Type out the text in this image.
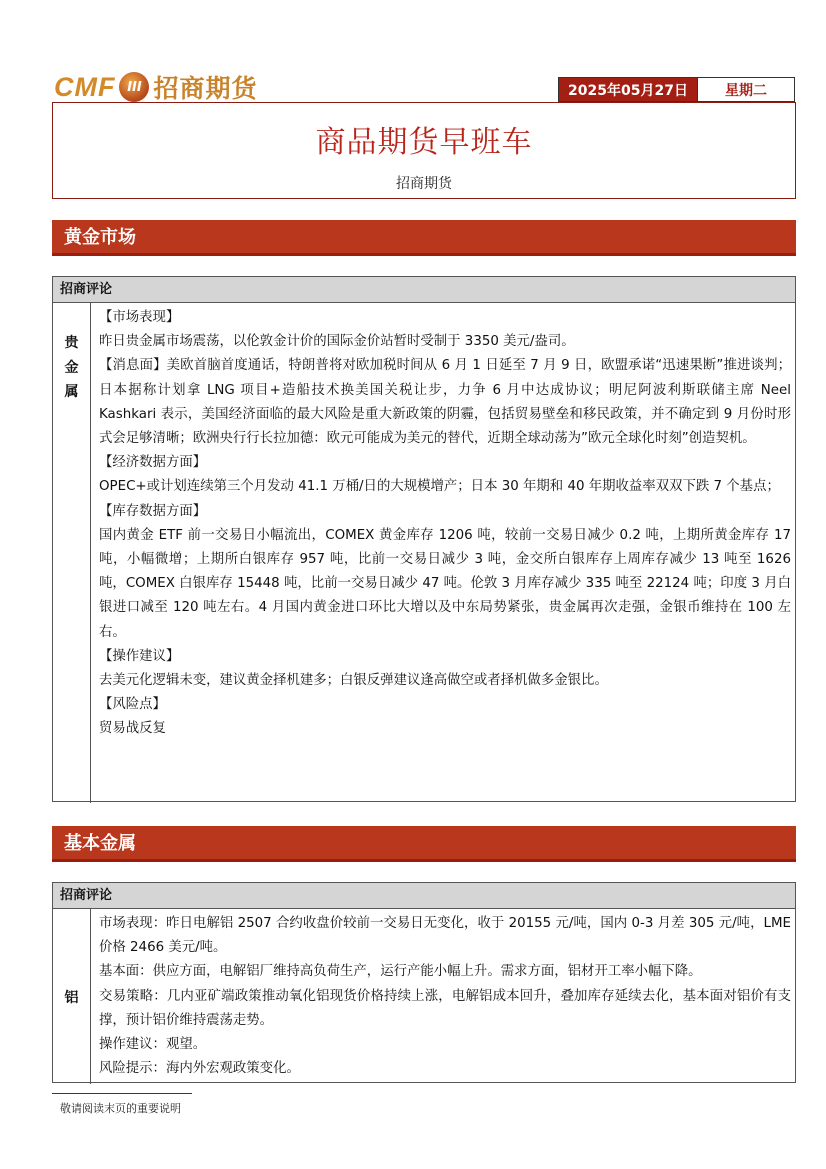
CMF III 招商期货	2025年05月27日	星期二
商品期货早班车
招商期货
黄金市场
招商评论
贵
金
属

【市场表现】

昨日贵金属市场震荡，以伦敦金计价的国际金价站暂时受制于 3350 美元/盎司。

【消息面】美欧首脑首度通话，特朗普将对欧加税时间从 6 月 1 日延至 7 月 9 日，欧盟承诺“迅速果断”推进谈判；日本据称计划拿 LNG 项目+造船技术换美国关税让步，力争 6 月中达成协议；明尼阿波利斯联储主席 Neel Kashkari 表示，美国经济面临的最大风险是重大新政策的阴霾，包括贸易壁垒和移民政策，并不确定到 9 月份时形式会足够清晰；欧洲央行行长拉加德：欧元可能成为美元的替代，近期全球动荡为”欧元全球化时刻”创造契机。

【经济数据方面】

OPEC+或计划连续第三个月发动 41.1 万桶/日的大规模增产；日本 30 年期和 40 年期收益率双双下跌 7 个基点；

【库存数据方面】

国内黄金 ETF 前一交易日小幅流出，COMEX 黄金库存 1206 吨，较前一交易日减少 0.2 吨，上期所黄金库存 17 吨，小幅微增；上期所白银库存 957 吨，比前一交易日减少 3 吨，金交所白银库存上周库存减少 13 吨至 1626 吨，COMEX 白银库存 15448 吨，比前一交易日减少 47 吨。伦敦 3 月库存减少 335 吨至 22124 吨；印度 3 月白银进口减至 120 吨左右。4 月国内黄金进口环比大增以及中东局势紧张，贵金属再次走强，金银币维持在 100 左右。

【操作建议】

去美元化逻辑未变，建议黄金择机建多；白银反弹建议逢高做空或者择机做多金银比。

【风险点】

贸易战反复

基本金属
招商评论
铝

市场表现：昨日电解铝 2507 合约收盘价较前一交易日无变化，收于 20155 元/吨，国内 0-3 月差 305 元/吨，LME 价格 2466 美元/吨。

基本面：供应方面，电解铝厂维持高负荷生产，运行产能小幅上升。需求方面，铝材开工率小幅下降。

交易策略：几内亚矿端政策推动氧化铝现货价格持续上涨，电解铝成本回升，叠加库存延续去化，基本面对铝价有支撑，预计铝价维持震荡走势。

操作建议：观望。

风险提示：海内外宏观政策变化。

敬请阅读末页的重要说明
